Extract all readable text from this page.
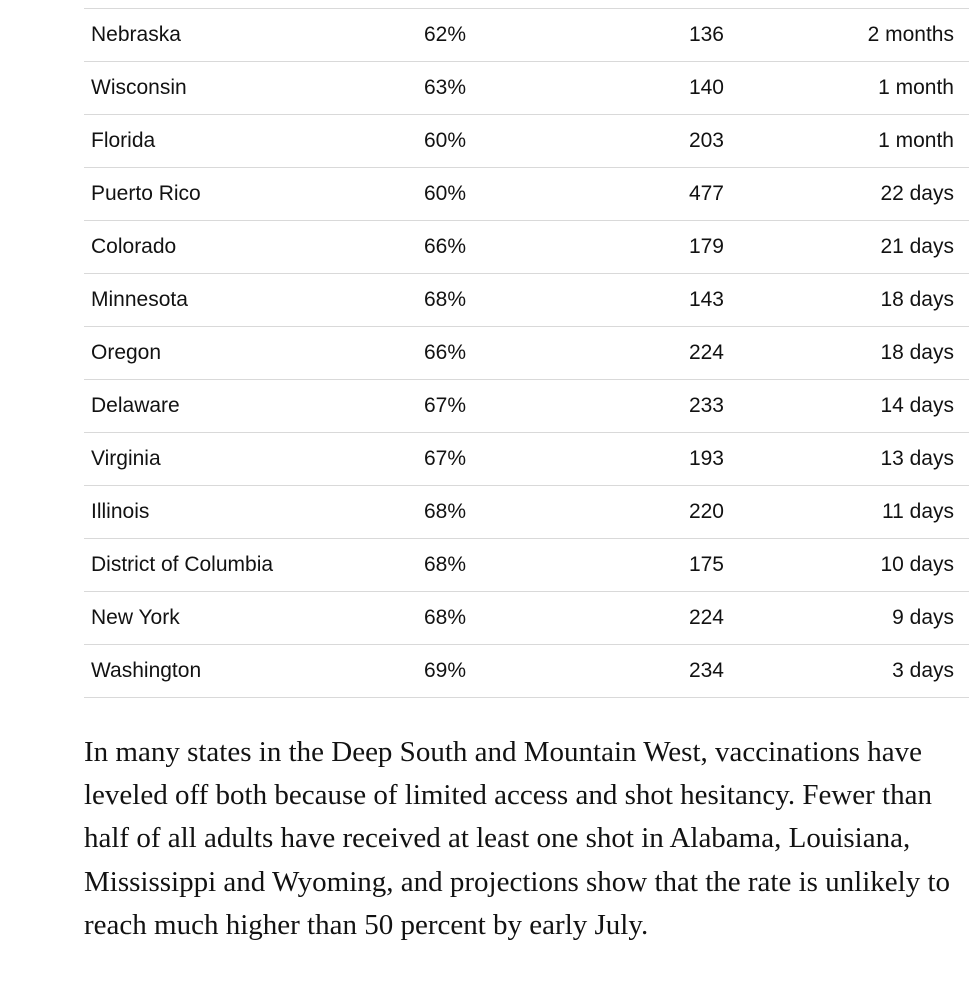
Nebraska	62%	136	2 months
Wisconsin	63%	140	1 month
Florida	60%	203	1 month
Puerto Rico	60%	477	22 days
Colorado	66%	179	21 days
Minnesota	68%	143	18 days
Oregon	66%	224	18 days
Delaware	67%	233	14 days
Virginia	67%	193	13 days
Illinois	68%	220	11 days
District of Columbia	68%	175	10 days
New York	68%	224	9 days
Washington	69%	234	3 days

In many states in the Deep South and Mountain West, vaccinations have leveled off both because of limited access and shot hesitancy. Fewer than half of all adults have received at least one shot in Alabama, Louisiana, Mississippi and Wyoming, and projections show that the rate is unlikely to reach much higher than 50 percent by early July.
